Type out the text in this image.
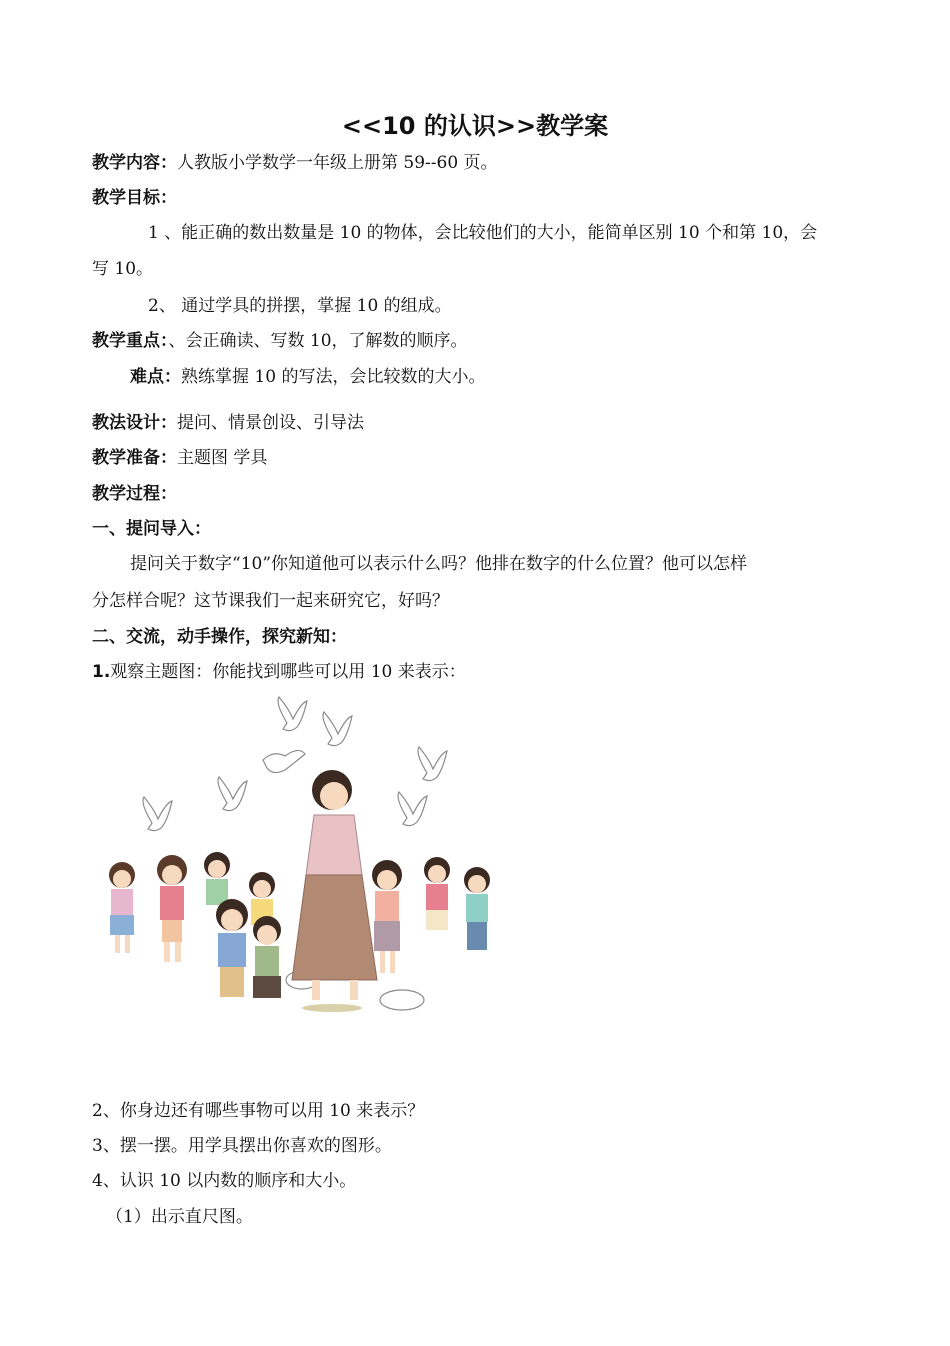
<<10 的认识>>教学案
教学内容：人教版小学数学一年级上册第 59--60 页。
教学目标：
1 、能正确的数出数量是 10 的物体，会比较他们的大小，能简单区别 10 个和第 10，会
写 10。
2、 通过学具的拼摆，掌握 10 的组成。
教学重点：、会正确读、写数 10，了解数的顺序。
难点：熟练掌握 10 的写法，会比较数的大小。
教法设计：提问、情景创设、引导法
教学准备：主题图 学具
教学过程：
一、提问导入：
提问关于数字“10”你知道他可以表示什么吗？他排在数字的什么位置？他可以怎样
分怎样合呢？这节课我们一起来研究它，好吗？
二、交流，动手操作，探究新知：
1.观察主题图：你能找到哪些可以用 10 来表示：
2、你身边还有哪些事物可以用 10 来表示？
3、摆一摆。用学具摆出你喜欢的图形。
4、认识 10 以内数的顺序和大小。
（1）出示直尺图。
